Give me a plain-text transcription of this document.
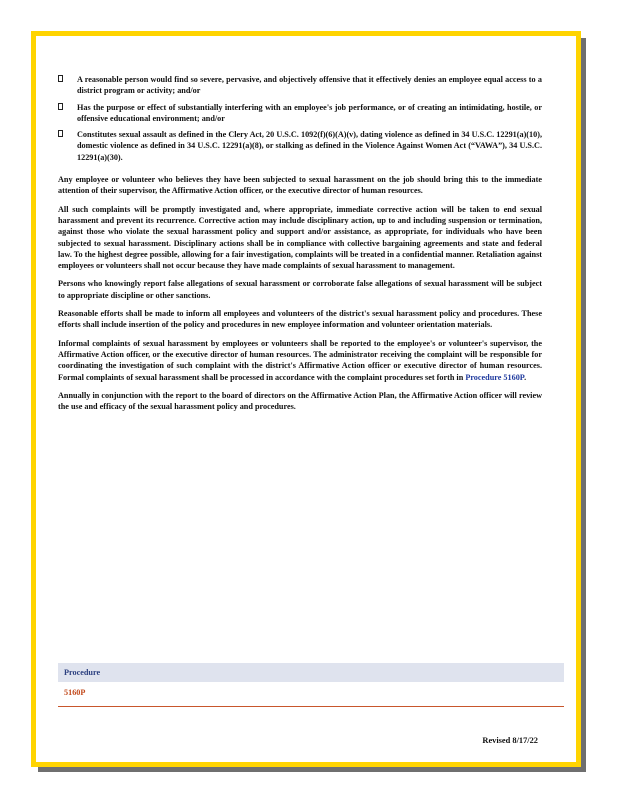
A reasonable person would find so severe, pervasive, and objectively offensive that it effectively denies an employee equal access to a district program or activity; and/or
Has the purpose or effect of substantially interfering with an employee's job performance, or of creating an intimidating, hostile, or offensive educational environment; and/or
Constitutes sexual assault as defined in the Clery Act, 20 U.S.C. 1092(f)(6)(A)(v), dating violence as defined in 34 U.S.C. 12291(a)(10), domestic violence as defined in 34 U.S.C. 12291(a)(8), or stalking as defined in the Violence Against Women Act (“VAWA”), 34 U.S.C. 12291(a)(30).

Any employee or volunteer who believes they have been subjected to sexual harassment on the job should bring this to the immediate attention of their supervisor, the Affirmative Action officer, or the executive director of human resources.

All such complaints will be promptly investigated and, where appropriate, immediate corrective action will be taken to end sexual harassment and prevent its recurrence. Corrective action may include disciplinary action, up to and including suspension or termination, against those who violate the sexual harassment policy and support and/or assistance, as appropriate, for individuals who have been subjected to sexual harassment. Disciplinary actions shall be in compliance with collective bargaining agreements and state and federal law. To the highest degree possible, allowing for a fair investigation, complaints will be treated in a confidential manner. Retaliation against employees or volunteers shall not occur because they have made complaints of sexual harassment to management.

Persons who knowingly report false allegations of sexual harassment or corroborate false allegations of sexual harassment will be subject to appropriate discipline or other sanctions.

Reasonable efforts shall be made to inform all employees and volunteers of the district's sexual harassment policy and procedures. These efforts shall include insertion of the policy and procedures in new employee information and volunteer orientation materials.

Informal complaints of sexual harassment by employees or volunteers shall be reported to the employee's or volunteer's supervisor, the Affirmative Action officer, or the executive director of human resources. The administrator receiving the complaint will be responsible for coordinating the investigation of such complaint with the district's Affirmative Action officer or executive director of human resources. Formal complaints of sexual harassment shall be processed in accordance with the complaint procedures set forth in Procedure 5160P.

Annually in conjunction with the report to the board of directors on the Affirmative Action Plan, the Affirmative Action officer will review the use and efficacy of the sexual harassment policy and procedures.

Procedure
5160P
Revised 8/17/22
